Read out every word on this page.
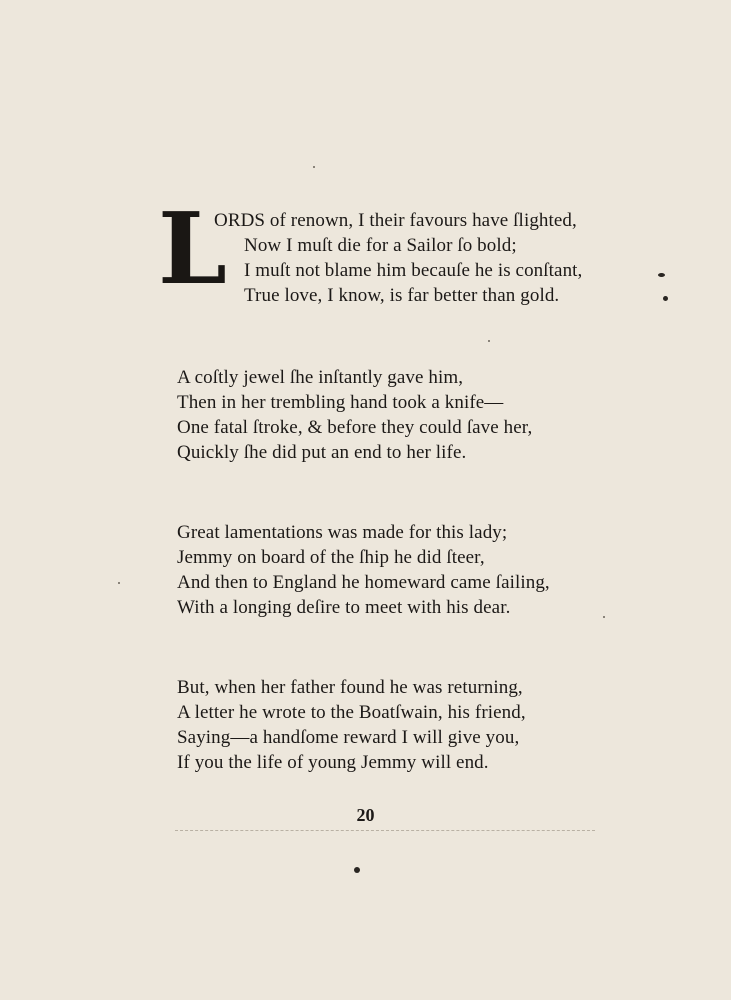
L
ORDS of renown, I their favours have ſlighted,
Now I muſt die for a Sailor ſo bold;
I muſt not blame him becauſe he is conſtant,
True love, I know, is far better than gold.
A coſtly jewel ſhe inſtantly gave him,
Then in her trembling hand took a knife—
One fatal ſtroke, & before they could ſave her,
Quickly ſhe did put an end to her life.
Great lamentations was made for this lady;
Jemmy on board of the ſhip he did ſteer,
And then to England he homeward came ſailing,
With a longing deſire to meet with his dear.
But, when her father found he was returning,
A letter he wrote to the Boatſwain, his friend,
Saying—a handſome reward I will give you,
If you the life of young Jemmy will end.
20
